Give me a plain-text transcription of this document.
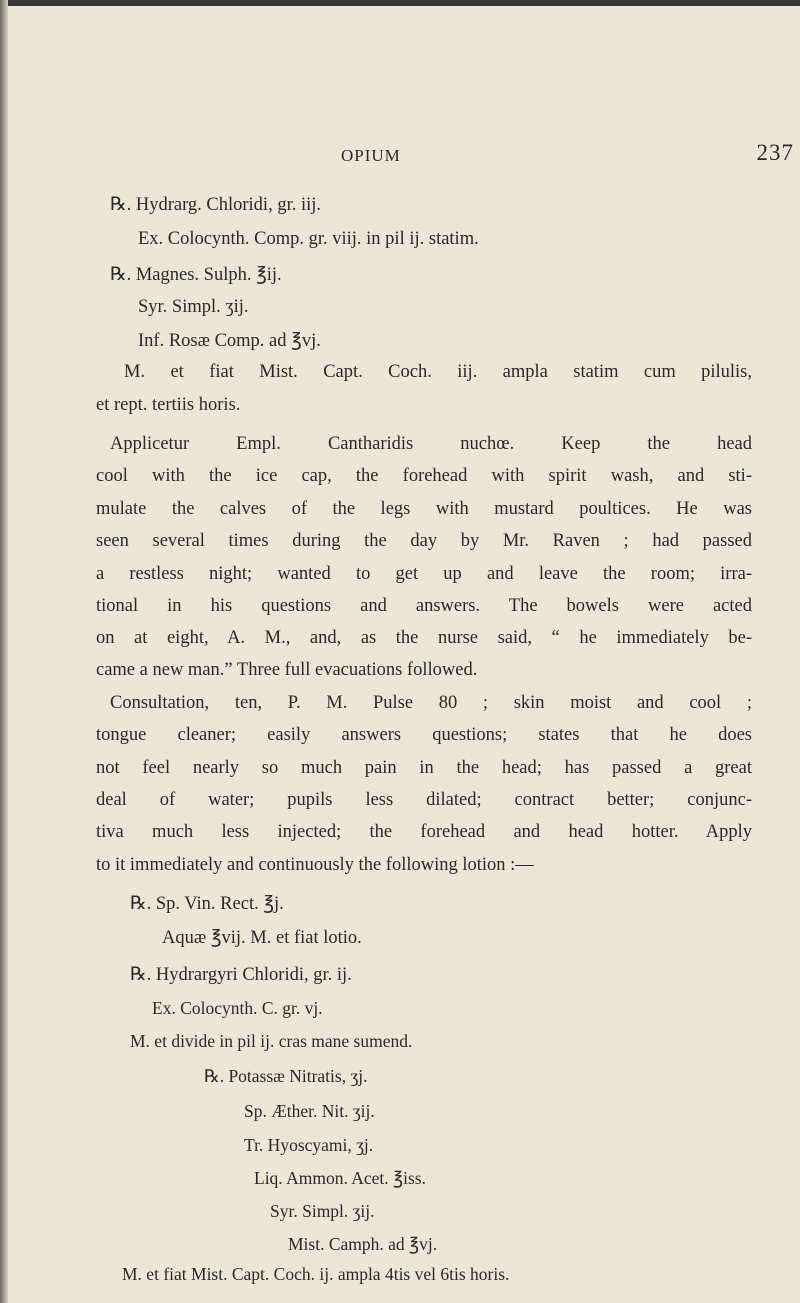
OPIUM	237
℞. Hydrarg. Chloridi, gr. iij.
Ex. Colocynth. Comp. gr. viij. in pil ij. statim.
℞. Magnes. Sulph. ℥ij.
Syr. Simpl. ʒij.
Inf. Rosæ Comp. ad ℥vj.
M. et fiat Mist. Capt. Coch. iij. ampla statim cum pilulis,
et rept. tertiis horis.
Applicetur Empl. Cantharidis nuchœ. Keep the head
cool with the ice cap, the forehead with spirit wash, and sti-
mulate the calves of the legs with mustard poultices. He was
seen several times during the day by Mr. Raven ; had passed
a restless night; wanted to get up and leave the room; irra-
tional in his questions and answers. The bowels were acted
on at eight, A. M., and, as the nurse said, “ he immediately be-
came a new man.” Three full evacuations followed.
Consultation, ten, P. M. Pulse 80 ; skin moist and cool ;
tongue cleaner; easily answers questions; states that he does
not feel nearly so much pain in the head; has passed a great
deal of water; pupils less dilated; contract better; conjunc-
tiva much less injected; the forehead and head hotter. Apply
to it immediately and continuously the following lotion :—
℞. Sp. Vin. Rect. ℥j.
Aquæ ℥vij. M. et fiat lotio.
℞. Hydrargyri Chloridi, gr. ij.
Ex. Colocynth. C. gr. vj.
M. et divide in pil ij. cras mane sumend.
℞. Potassæ Nitratis, ʒj.
Sp. Æther. Nit. ʒij.
Tr. Hyoscyami, ʒj.
Liq. Ammon. Acet. ℥iss.
Syr. Simpl. ʒij.
Mist. Camph. ad ℥vj.
M. et fiat Mist. Capt. Coch. ij. ampla 4tis vel 6tis horis.
